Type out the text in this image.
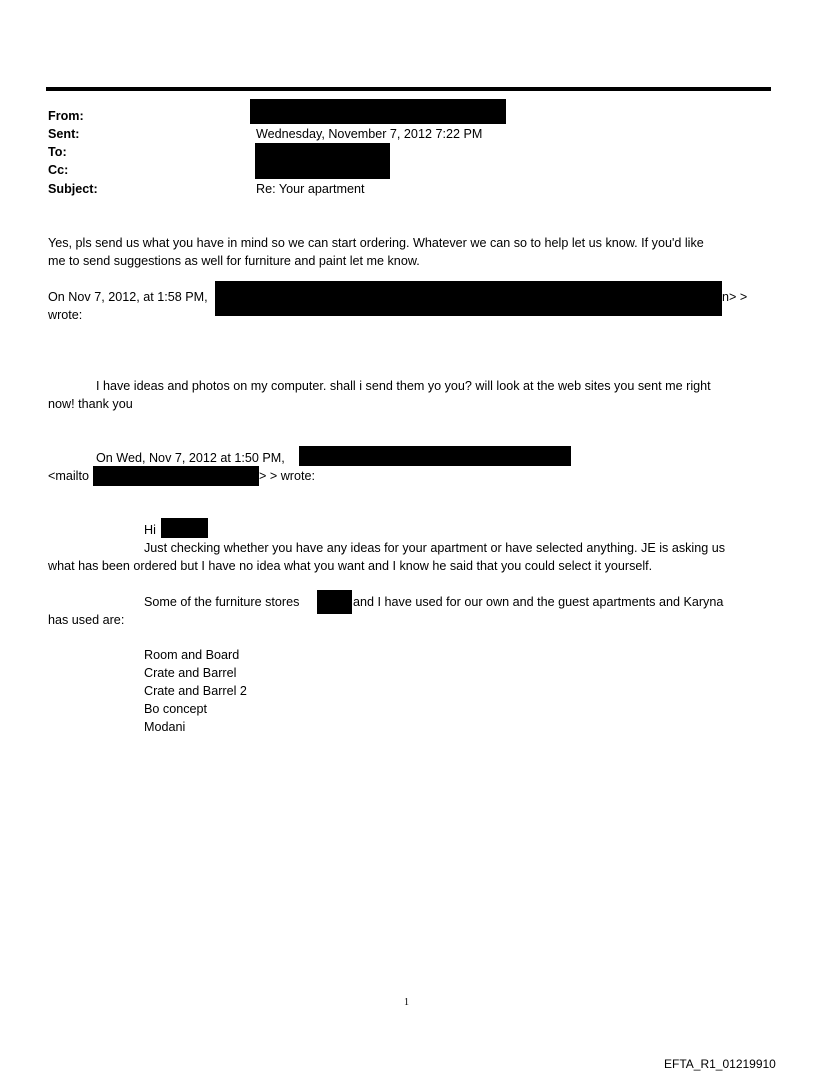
From:
Sent:	Wednesday, November 7, 2012 7:22 PM
To:
Cc:
Subject:	Re: Your apartment
Yes, pls send us what you have in mind so we can start ordering. Whatever we can so to help let us know. If you'd like
me to send suggestions as well for furniture and paint let me know.
On Nov 7, 2012, at 1:58 PM,	n> >
wrote:
I have ideas and photos on my computer. shall i send them yo you? will look at the web sites you sent me right
now! thank you
On Wed, Nov 7, 2012 at 1:50 PM,
<mailto	> > wrote:
Hi
Just checking whether you have any ideas for your apartment or have selected anything. JE is asking us
what has been ordered but I have no idea what you want and I know he said that you could select it yourself.
Some of the furniture stores	and I have used for our own and the guest apartments and Karyna
has used are:
Room and Board
Crate and Barrel
Crate and Barrel 2
Bo concept
Modani
1
EFTA_R1_01219910
